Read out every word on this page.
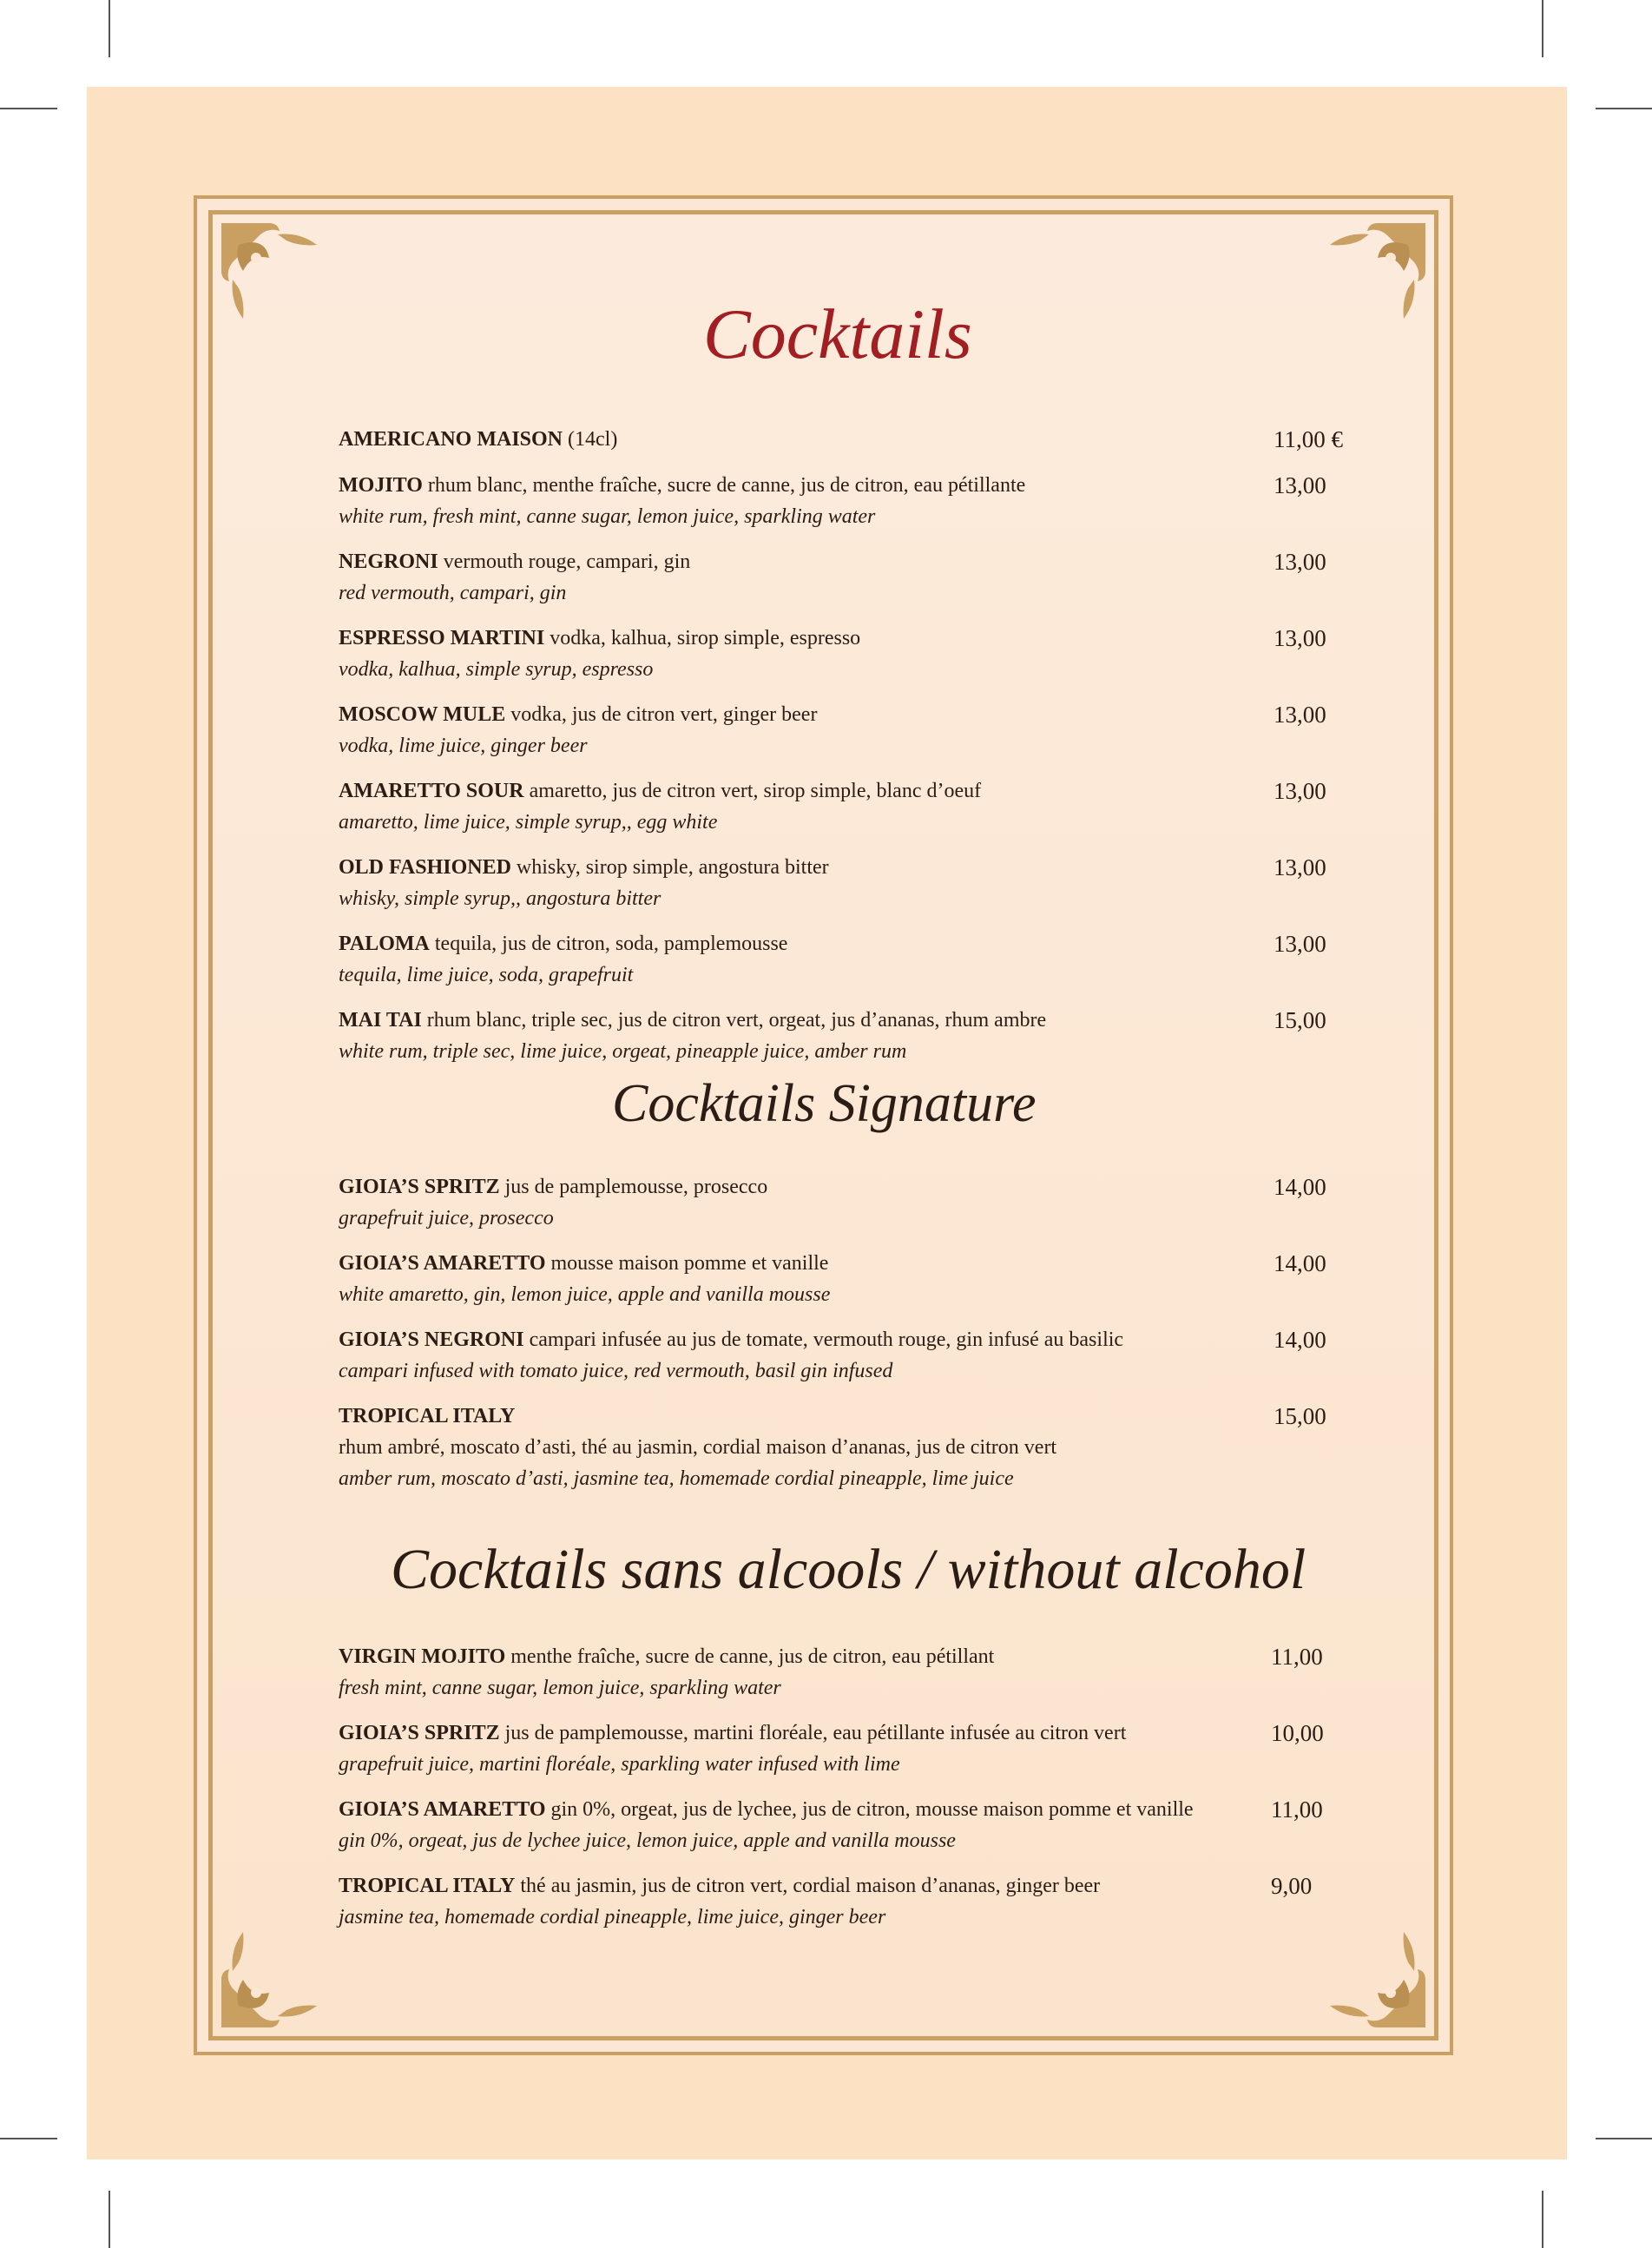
Cocktails
Cocktails Signature
Cocktails sans alcools / without alcohol
AMERICANO MAISON (14cl)	11,00 €
MOJITO rhum blanc, menthe fraîche, sucre de canne, jus de citron, eau pétillante
white rum, fresh mint, canne sugar, lemon juice, sparkling water
13,00
NEGRONI vermouth rouge, campari, gin
red vermouth, campari, gin
13,00
ESPRESSO MARTINI vodka, kalhua, sirop simple, espresso
vodka, kalhua, simple syrup, espresso
13,00
MOSCOW MULE vodka, jus de citron vert, ginger beer
vodka, lime juice, ginger beer
13,00
AMARETTO SOUR amaretto, jus de citron vert, sirop simple, blanc d’oeuf
amaretto, lime juice, simple syrup,, egg white
13,00
OLD FASHIONED whisky, sirop simple, angostura bitter
whisky, simple syrup,, angostura bitter
13,00
PALOMA tequila, jus de citron, soda, pamplemousse
tequila, lime juice, soda, grapefruit
13,00
MAI TAI rhum blanc, triple sec, jus de citron vert, orgeat, jus d’ananas, rhum ambre
white rum, triple sec, lime juice, orgeat, pineapple juice, amber rum
15,00
GIOIA’S SPRITZ jus de pamplemousse, prosecco
grapefruit juice, prosecco
14,00
GIOIA’S AMARETTO mousse maison pomme et vanille
white amaretto, gin, lemon juice, apple and vanilla mousse
14,00
GIOIA’S NEGRONI campari infusée au jus de tomate, vermouth rouge, gin infusé au basilic
campari infused with tomato juice, red vermouth, basil gin infused
14,00
TROPICAL ITALY
rhum ambré, moscato d’asti, thé au jasmin, cordial maison d’ananas, jus de citron vert
amber rum, moscato d’asti, jasmine tea, homemade cordial pineapple, lime juice
15,00
VIRGIN MOJITO menthe fraîche, sucre de canne, jus de citron, eau pétillant
fresh mint, canne sugar, lemon juice, sparkling water
11,00
GIOIA’S SPRITZ jus de pamplemousse, martini floréale, eau pétillante infusée au citron vert
grapefruit juice, martini floréale, sparkling water infused with lime
10,00
GIOIA’S AMARETTO gin 0%, orgeat, jus de lychee, jus de citron, mousse maison pomme et vanille
gin 0%, orgeat, jus de lychee juice, lemon juice, apple and vanilla mousse
11,00
TROPICAL ITALY thé au jasmin, jus de citron vert, cordial maison d’ananas, ginger beer
jasmine tea, homemade cordial pineapple, lime juice, ginger beer
9,00
